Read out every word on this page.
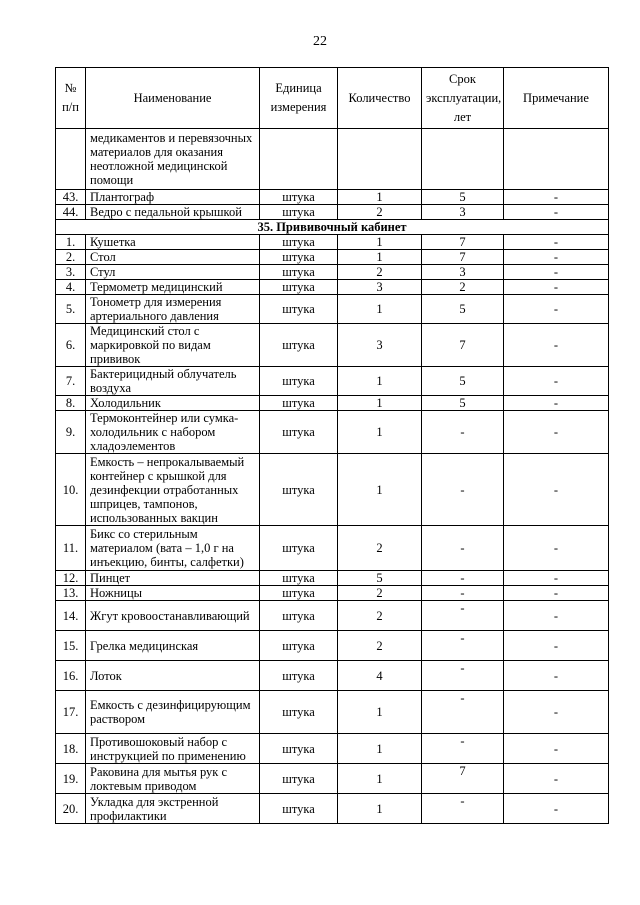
22
№ п/п	Наименование	Единица измерения	Количество	Срок эксплуатации, лет	Примечание
	медикаментов и перевязочных материалов для оказания неотложной медицинской помощи				
43.	Плантограф	штука	1	5	-
44.	Ведро с педальной крышкой	штука	2	3	-
35. Прививочный кабинет					
1.	Кушетка	штука	1	7	-
2.	Стол	штука	1	7	-
3.	Стул	штука	2	3	-
4.	Термометр медицинский	штука	3	2	-
5.	Тонометр для измерения артериального давления	штука	1	5	-
6.	Медицинский стол с маркировкой по видам прививок	штука	3	7	-
7.	Бактерицидный облучатель воздуха	штука	1	5	-
8.	Холодильник	штука	1	5	-
9.	Термоконтейнер или сумка-холодильник с набором хладоэлементов	штука	1	-	-
10.	Емкость – непрокалываемый контейнер с крышкой для дезинфекции отработанных шприцев, тампонов, использованных вакцин	штука	1	-	-
11.	Бикс со стерильным материалом (вата – 1,0 г на инъекцию, бинты, салфетки)	штука	2	-	-
12.	Пинцет	штука	5	-	-
13.	Ножницы	штука	2	-	-
14.	Жгут кровоостанавливающий	штука	2	-	-
15.	Грелка медицинская	штука	2	-	-
16.	Лоток	штука	4	-	-
17.	Емкость с дезинфицирующим раствором	штука	1	-	-
18.	Противошоковый набор с инструкцией по применению	штука	1	-	-
19.	Раковина для мытья рук с локтевым приводом	штука	1	7	-
20.	Укладка для экстренной профилактики	штука	1	-	-
